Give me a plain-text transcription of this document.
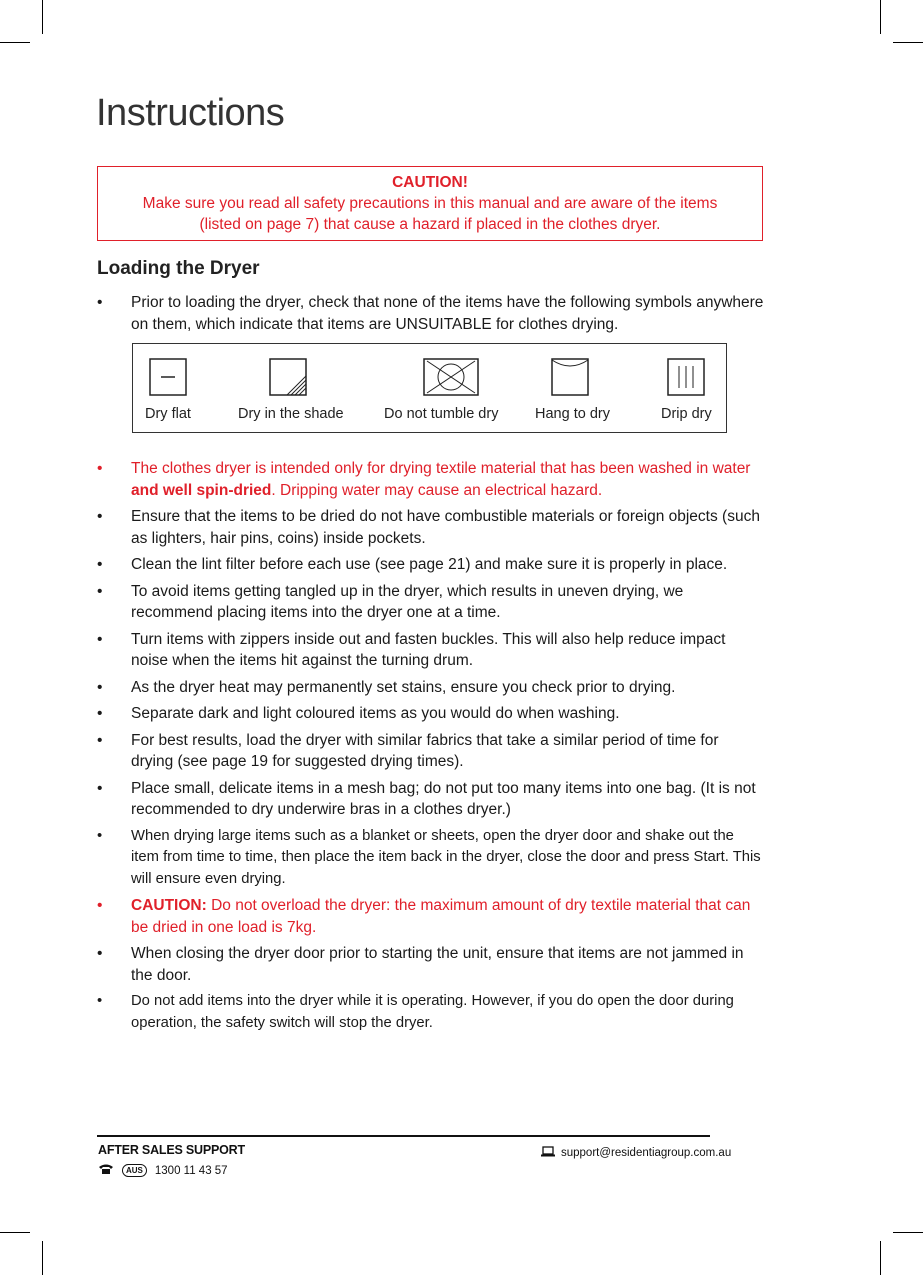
Instructions
CAUTION!
Make sure you read all safety precautions in this manual and are aware of the items
(listed on page 7) that cause a hazard if placed in the clothes dryer.
Loading the Dryer
• Prior to loading the dryer, check that none of the items have the following symbols anywhere on them, which indicate that items are UNSUITABLE for clothes drying.
• The clothes dryer is intended only for drying textile material that has been washed in water and well spin-dried. Dripping water may cause an electrical hazard.
• Ensure that the items to be dried do not have combustible materials or foreign objects (such as lighters, hair pins, coins) inside pockets.
• Clean the lint filter before each use (see page 21) and make sure it is properly in place.
• To avoid items getting tangled up in the dryer, which results in uneven drying, we recommend placing items into the dryer one at a time.
• Turn items with zippers inside out and fasten buckles. This will also help reduce impact noise when the items hit against the turning drum.
• As the dryer heat may permanently set stains, ensure you check prior to drying.
• Separate dark and light coloured items as you would do when washing.
• For best results, load the dryer with similar fabrics that take a similar period of time for drying (see page 19 for suggested drying times).
• Place small, delicate items in a mesh bag; do not put too many items into one bag. (It is not recommended to dry underwire bras in a clothes dryer.)
• When drying large items such as a blanket or sheets, open the dryer door and shake out the item from time to time, then place the item back in the dryer, close the door and press Start. This will ensure even drying.
• CAUTION: Do not overload the dryer: the maximum amount of dry textile material that can be dried in one load is 7kg.
• When closing the dryer door prior to starting the unit, ensure that items are not jammed in the door.
• Do not add items into the dryer while it is operating. However, if you do open the door during operation, the safety switch will stop the dryer.
Dry flat	Dry in the shade	Do not tumble dry	Hang to dry	Drip dry
AFTER SALES SUPPORT
AUS	1300 11 43 57
support@residentiagroup.com.au
